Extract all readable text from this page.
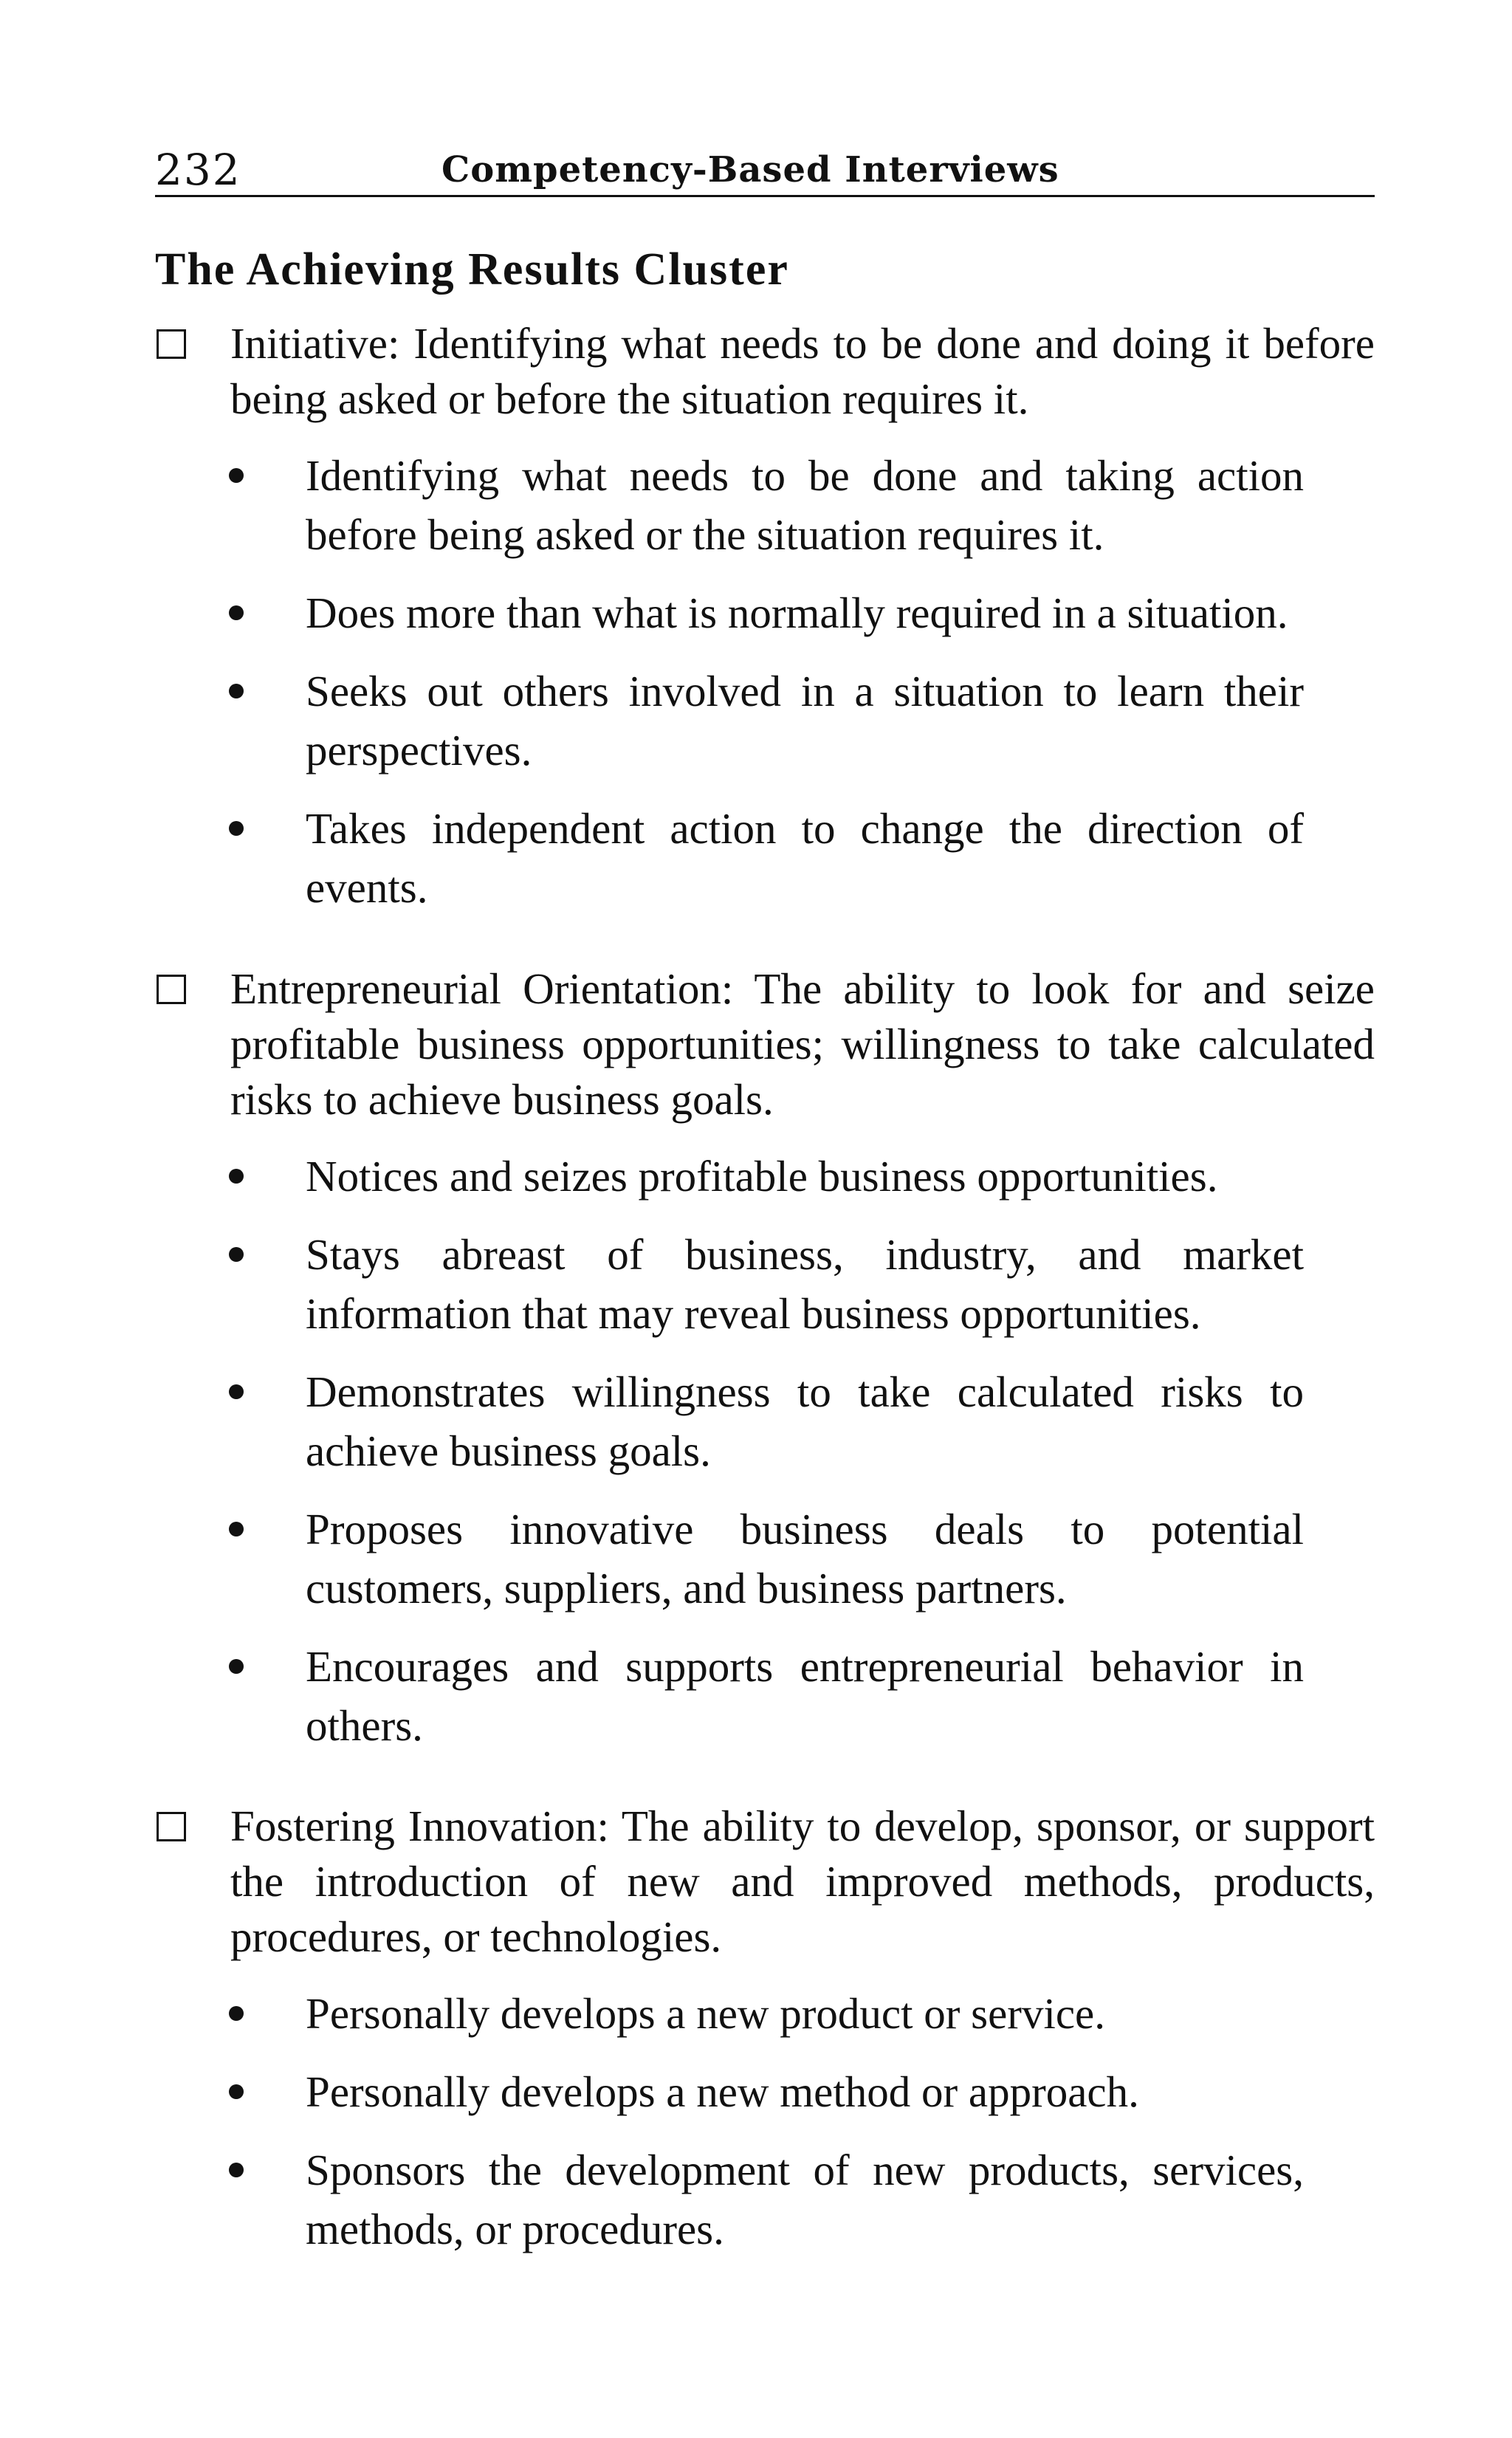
232	Competency-Based Interviews
The Achieving Results Cluster
Initiative: Identifying what needs to be done and doing it before being asked or before the situation requires it.
Identifying what needs to be done and taking action before being asked or the situation requires it.
Does more than what is normally required in a situation.
Seeks out others involved in a situation to learn their perspectives.
Takes independent action to change the direction of events.
Entrepreneurial Orientation: The ability to look for and seize profitable business opportunities; willingness to take calculated risks to achieve business goals.
Notices and seizes profitable business opportunities.
Stays abreast of business, industry, and market information that may reveal business opportunities.
Demonstrates willingness to take calculated risks to achieve business goals.
Proposes innovative business deals to potential customers, suppliers, and business partners.
Encourages and supports entrepreneurial behavior in others.
Fostering Innovation: The ability to develop, sponsor, or support the introduction of new and improved methods, products, procedures, or technologies.
Personally develops a new product or service.
Personally develops a new method or approach.
Sponsors the development of new products, services, methods, or procedures.
